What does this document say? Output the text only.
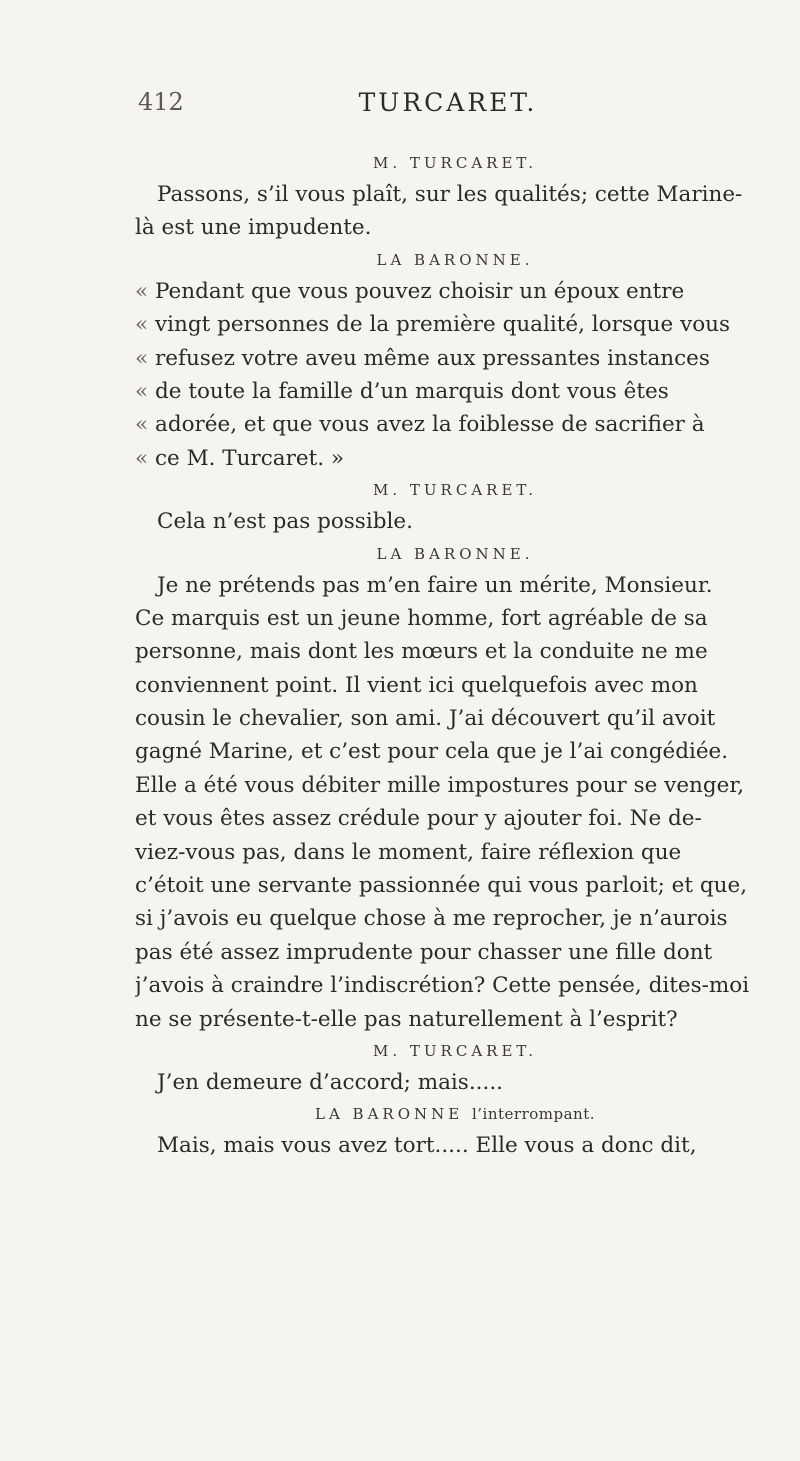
412	TURCARET.
M. TURCARET.
Passons, s’il vous plaît, sur les qualités; cette Marine-
là est une impudente.
LA BARONNE.
« Pendant que vous pouvez choisir un époux entre
« vingt personnes de la première qualité, lorsque vous
« refusez votre aveu même aux pressantes instances
« de toute la famille d’un marquis dont vous êtes
« adorée, et que vous avez la foiblesse de sacrifier à
« ce M. Turcaret. »
M. TURCARET.
Cela n’est pas possible.
LA BARONNE.
Je ne prétends pas m’en faire un mérite, Monsieur.
Ce marquis est un jeune homme, fort agréable de sa
personne, mais dont les mœurs et la conduite ne me
conviennent point. Il vient ici quelquefois avec mon
cousin le chevalier, son ami. J’ai découvert qu’il avoit
gagné Marine, et c’est pour cela que je l’ai congédiée.
Elle a été vous débiter mille impostures pour se venger,
et vous êtes assez crédule pour y ajouter foi. Ne de-
viez-vous pas, dans le moment, faire réflexion que
c’étoit une servante passionnée qui vous parloit; et que,
si j’avois eu quelque chose à me reprocher, je n’aurois
pas été assez imprudente pour chasser une fille dont
j’avois à craindre l’indiscrétion? Cette pensée, dites-moi
ne se présente-t-elle pas naturellement à l’esprit?
M. TURCARET.
J’en demeure d’accord; mais.....
LA BARONNE l’interrompant.
Mais, mais vous avez tort..... Elle vous a donc dit,
